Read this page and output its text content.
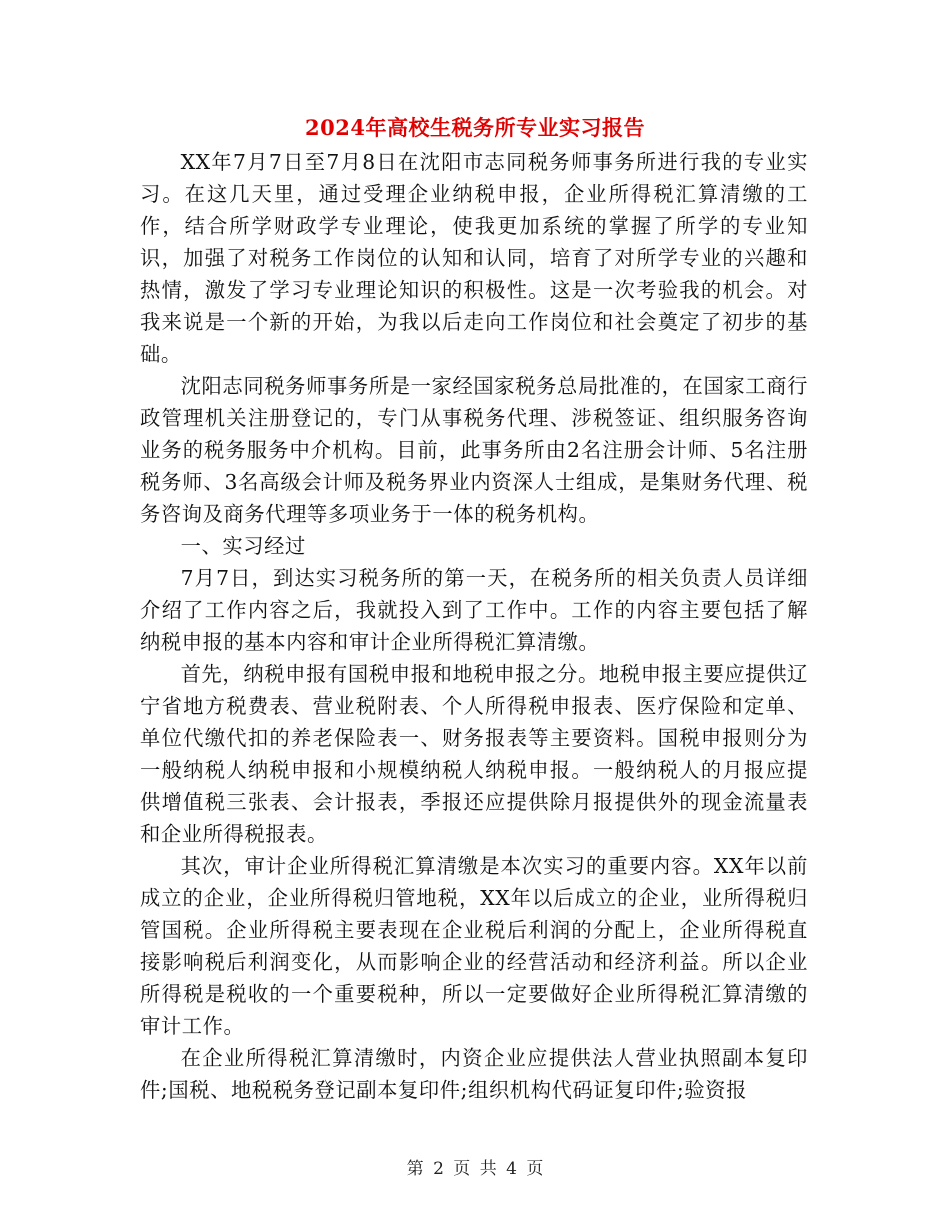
2024年高校生税务所专业实习报告

XX年7月7日至7月8日在沈阳市志同税务师事务所进行我的专业实习。在这几天里，通过受理企业纳税申报，企业所得税汇算清缴的工作，结合所学财政学专业理论，使我更加系统的掌握了所学的专业知识，加强了对税务工作岗位的认知和认同，培育了对所学专业的兴趣和热情，激发了学习专业理论知识的积极性。这是一次考验我的机会。对我来说是一个新的开始，为我以后走向工作岗位和社会奠定了初步的基础。

沈阳志同税务师事务所是一家经国家税务总局批准的，在国家工商行政管理机关注册登记的，专门从事税务代理、涉税签证、组织服务咨询业务的税务服务中介机构。目前，此事务所由2名注册会计师、5名注册税务师、3名高级会计师及税务界业内资深人士组成，是集财务代理、税务咨询及商务代理等多项业务于一体的税务机构。

一、实习经过

7月7日，到达实习税务所的第一天，在税务所的相关负责人员详细介绍了工作内容之后，我就投入到了工作中。工作的内容主要包括了解纳税申报的基本内容和审计企业所得税汇算清缴。

首先，纳税申报有国税申报和地税申报之分。地税申报主要应提供辽宁省地方税费表、营业税附表、个人所得税申报表、医疗保险和定单、单位代缴代扣的养老保险表一、财务报表等主要资料。国税申报则分为一般纳税人纳税申报和小规模纳税人纳税申报。一般纳税人的月报应提供增值税三张表、会计报表，季报还应提供除月报提供外的现金流量表和企业所得税报表。

其次，审计企业所得税汇算清缴是本次实习的重要内容。XX年以前成立的企业，企业所得税归管地税，XX年以后成立的企业，业所得税归管国税。企业所得税主要表现在企业税后利润的分配上，企业所得税直接影响税后利润变化，从而影响企业的经营活动和经济利益。所以企业所得税是税收的一个重要税种，所以一定要做好企业所得税汇算清缴的审计工作。

在企业所得税汇算清缴时，内资企业应提供法人营业执照副本复印件;国税、地税税务登记副本复印件;组织机构代码证复印件;验资报

第 2 页 共 4 页
